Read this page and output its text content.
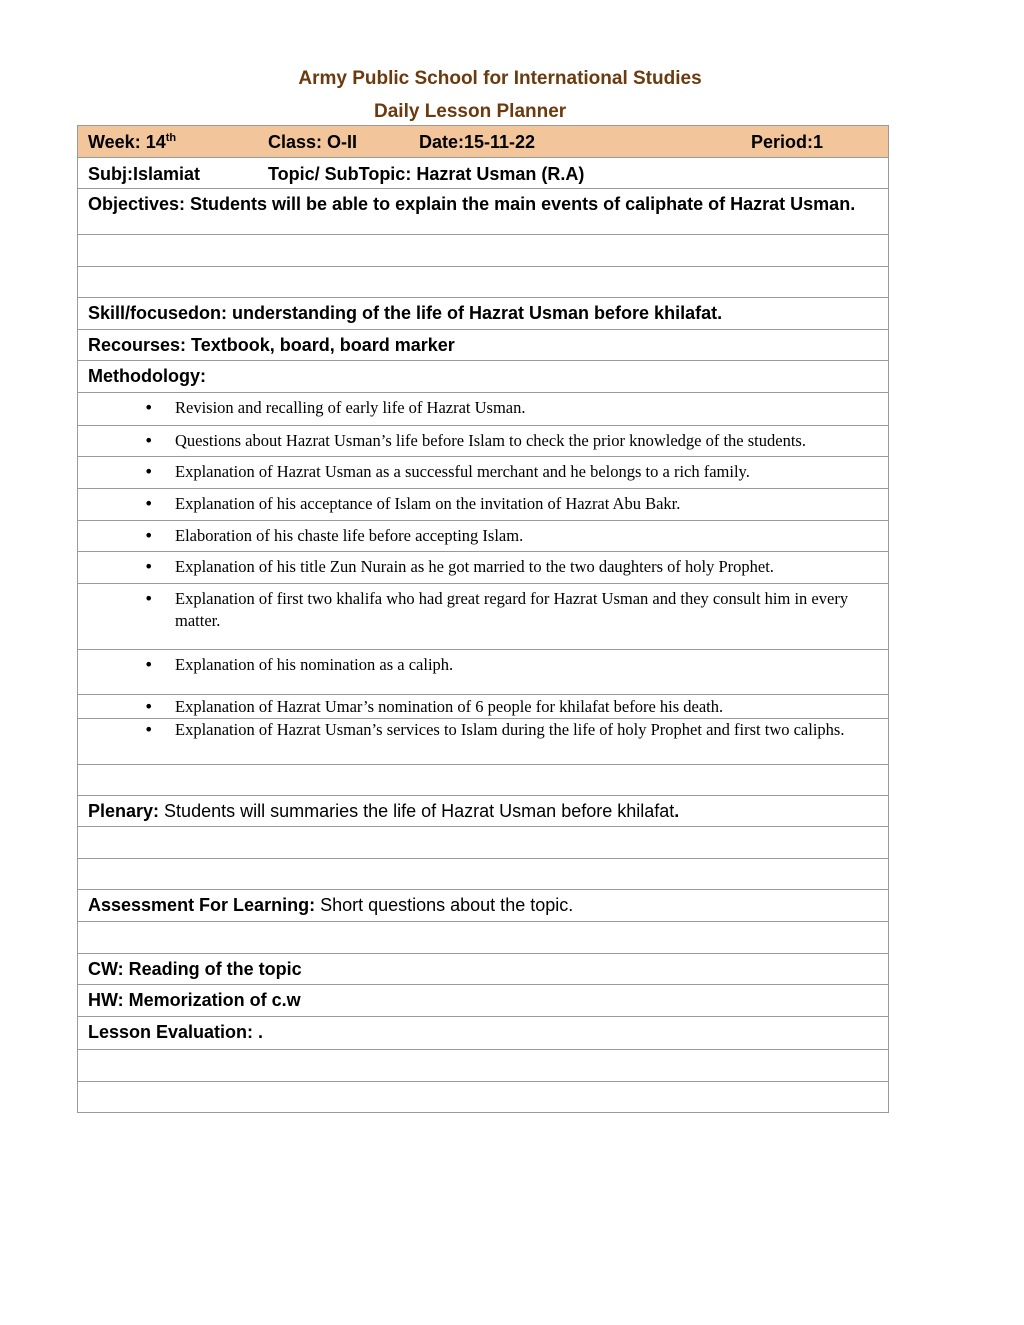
Army Public School for International Studies
Daily Lesson Planner
Week: 14th	Class: O-II	Date:15-11-22	Period:1
Subj:Islamiat	Topic/ SubTopic: Hazrat Usman (R.A)
Objectives: Students will be able to explain the main events of caliphate of Hazrat Usman.
Skill/focusedon: understanding of the life of Hazrat Usman before khilafat.
Recourses: Textbook, board, board marker
Methodology:
• Revision and recalling of early life of Hazrat Usman.
• Questions about Hazrat Usman’s life before Islam to check the prior knowledge of the students.
• Explanation of Hazrat Usman as a successful merchant and he belongs to a rich family.
• Explanation of his acceptance of Islam on the invitation of Hazrat Abu Bakr.
• Elaboration of his chaste life before accepting Islam.
• Explanation of his title Zun Nurain as he got married to the two daughters of holy Prophet.
• Explanation of first two khalifa who had great regard for Hazrat Usman and they consult him in every matter.
• Explanation of his nomination as a caliph.
• Explanation of Hazrat Umar’s nomination of 6 people for khilafat before his death.
• Explanation of Hazrat Usman’s services to Islam during the life of holy Prophet and first two caliphs.
Plenary: Students will summaries the life of Hazrat Usman before khilafat.
Assessment For Learning: Short questions about the topic.
CW: Reading of the topic
HW: Memorization of c.w
Lesson Evaluation: .
